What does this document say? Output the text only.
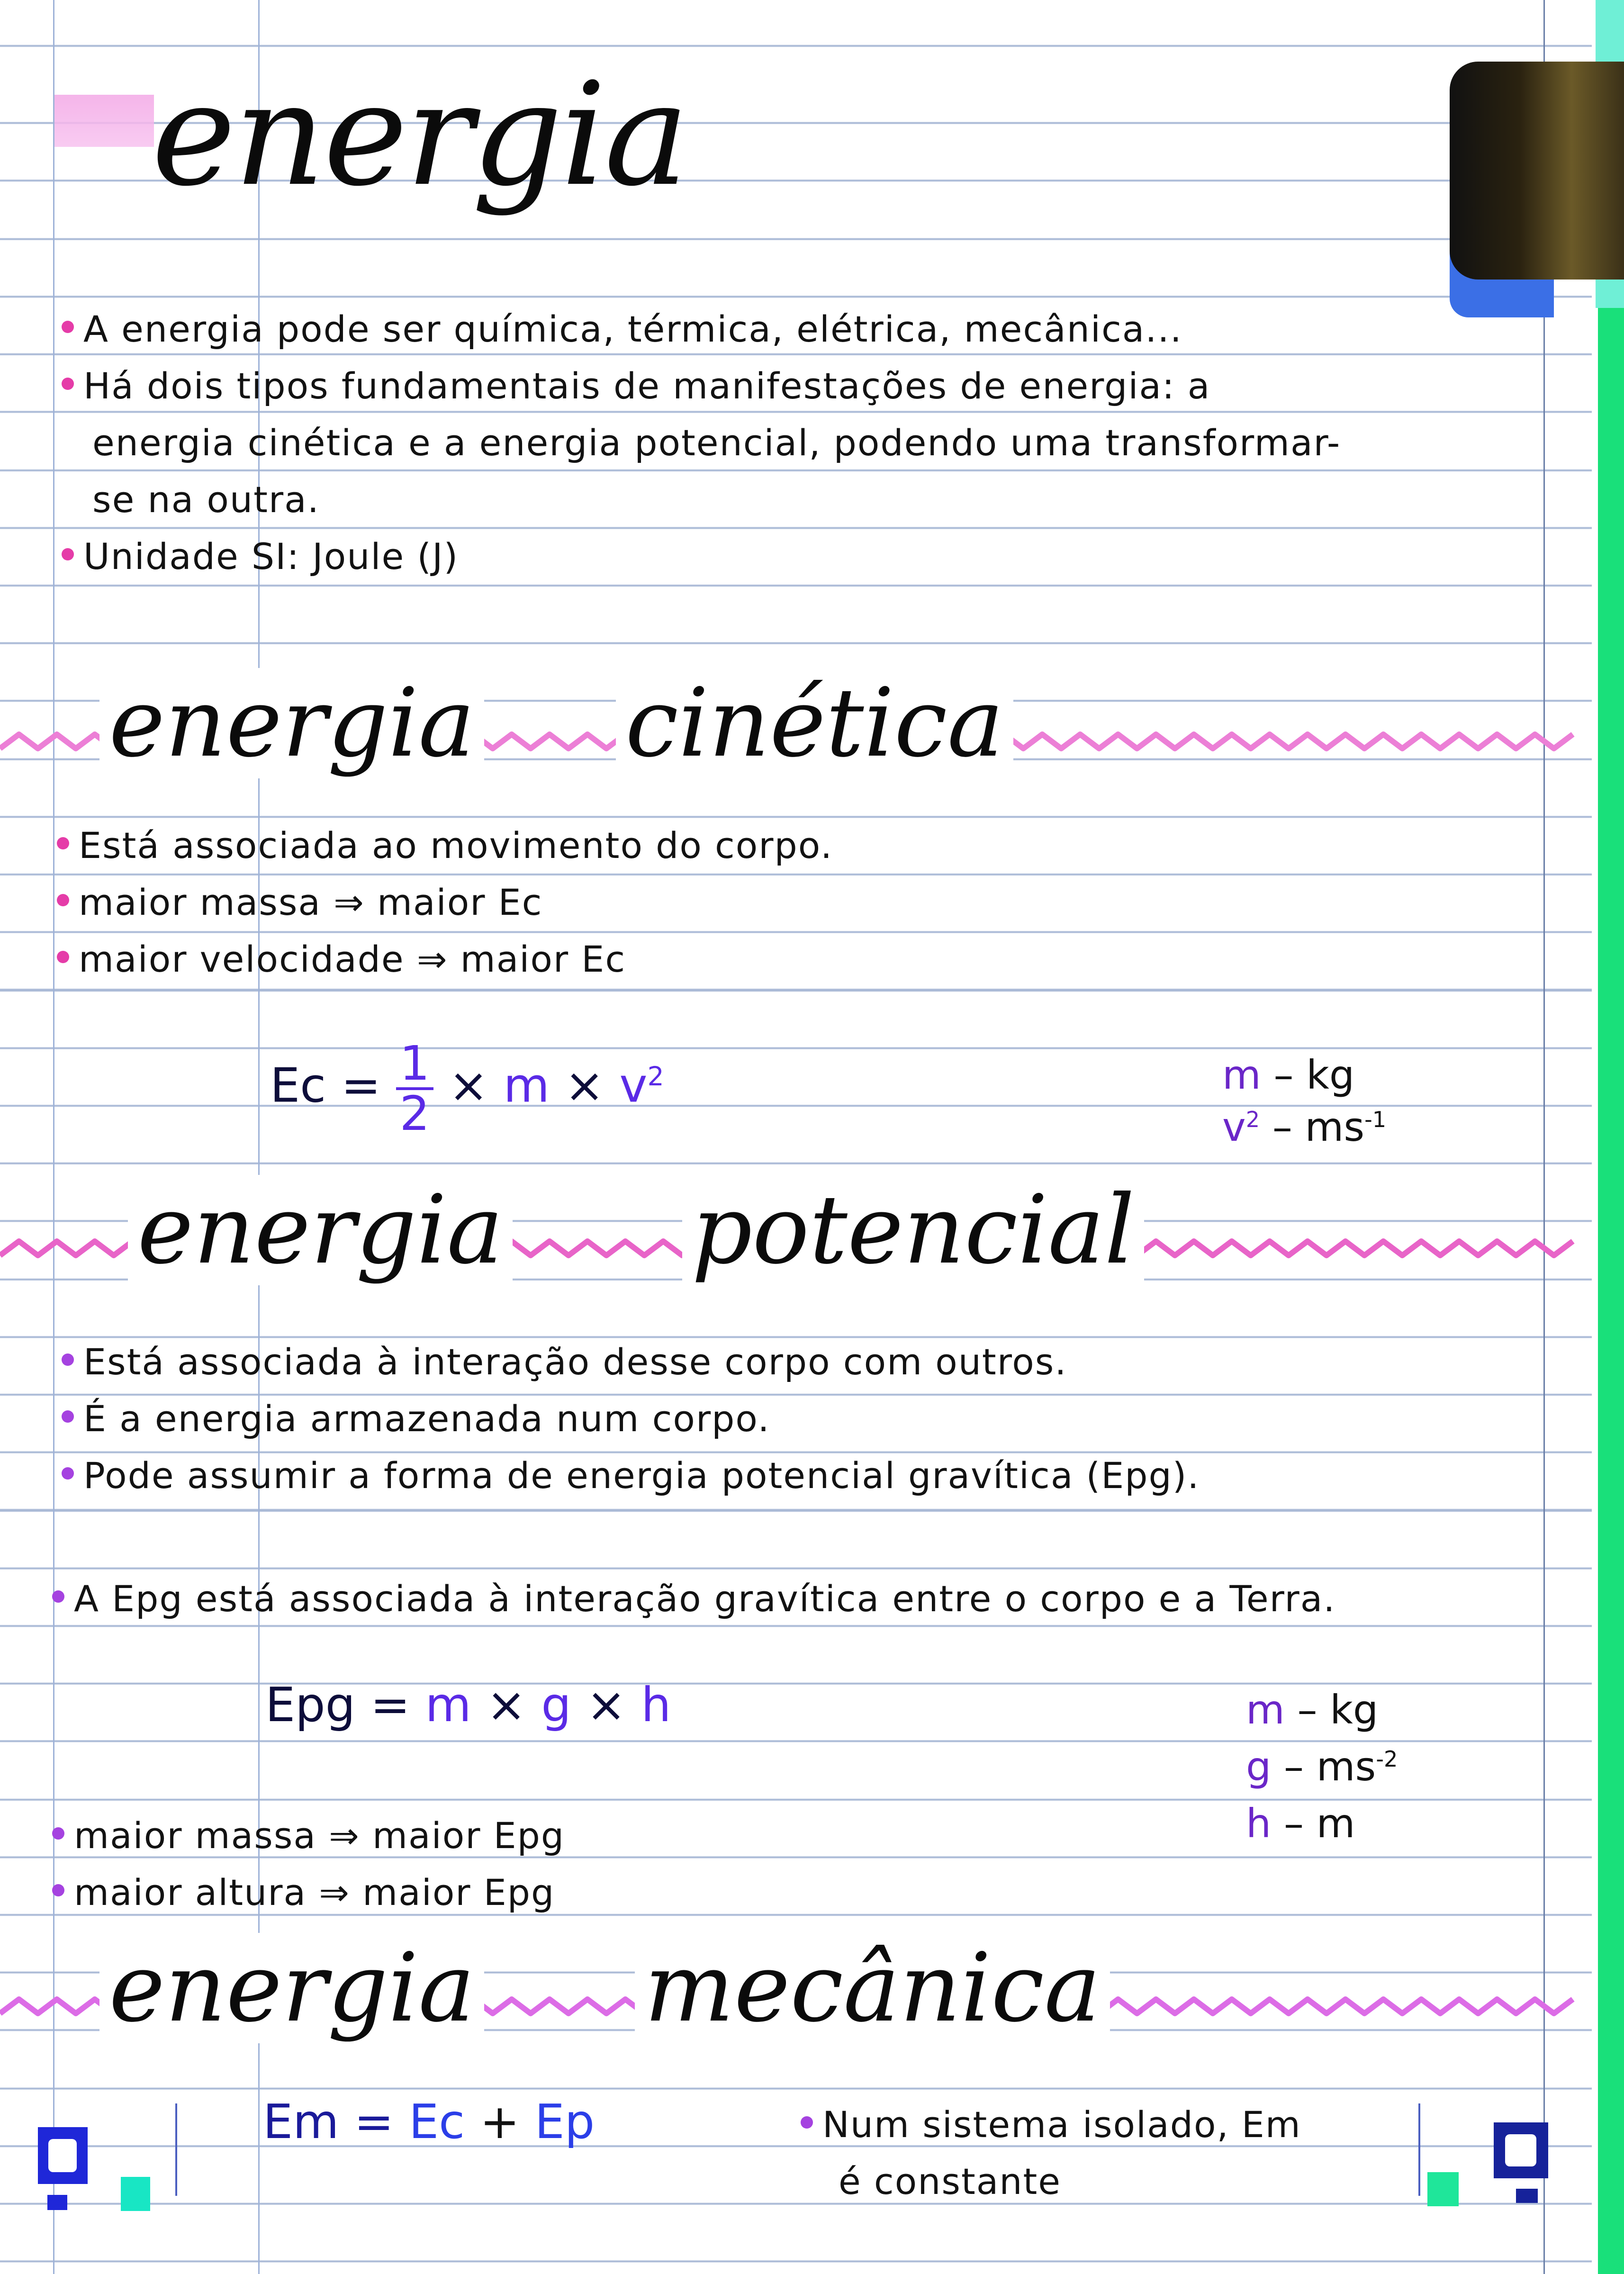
energia
A energia pode ser química, térmica, elétrica, mecânica...
Há dois tipos fundamentais de manifestações de energia: a
energia cinética e a energia potencial, podendo uma transformar-
se na outra.
Unidade SI: Joule (J)
energia cinética
Está associada ao movimento do corpo.
maior massa ⇒ maior Ec
maior velocidade ⇒ maior Ec
$Ec = \frac{1}{2} \times m \times v^2$	m – kg
$v^2 - ms^{-1}$
energia potencial
Está associada à interação desse corpo com outros.
É a energia armazenada num corpo.
Pode assumir a forma de energia potencial gravítica (Epg).
A Epg está associada à interação gravítica entre o corpo e a Terra.
Epg = m × g × h	m – kg
g – $ms^{-2}$
h – m
maior massa ⇒ maior Epg
maior altura ⇒ maior Epg
energia mecânica
Em = Ec + Ep	Num sistema isolado, Em
é constante
